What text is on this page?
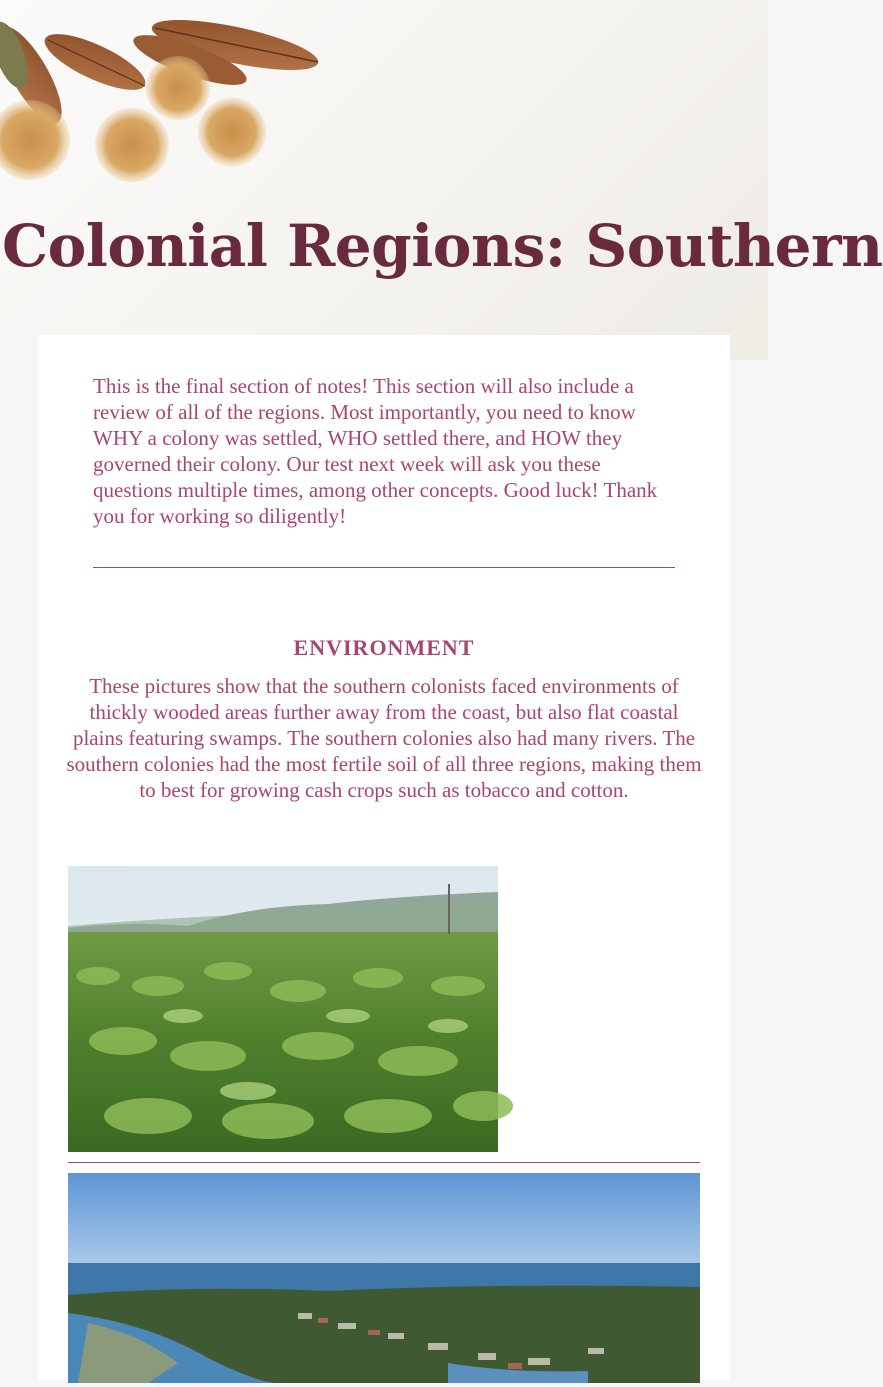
Colonial Regions: Southern

This is the final section of notes! This section will also include a review of all of the regions. Most importantly, you need to know WHY a colony was settled, WHO settled there, and HOW they governed their colony. Our test next week will ask you these questions multiple times, among other concepts. Good luck! Thank you for working so diligently!

ENVIRONMENT

These pictures show that the southern colonists faced environments of thickly wooded areas further away from the coast, but also flat coastal plains featuring swamps. The southern colonies also had many rivers. The southern colonies had the most fertile soil of all three regions, making them to best for growing cash crops such as tobacco and cotton.
